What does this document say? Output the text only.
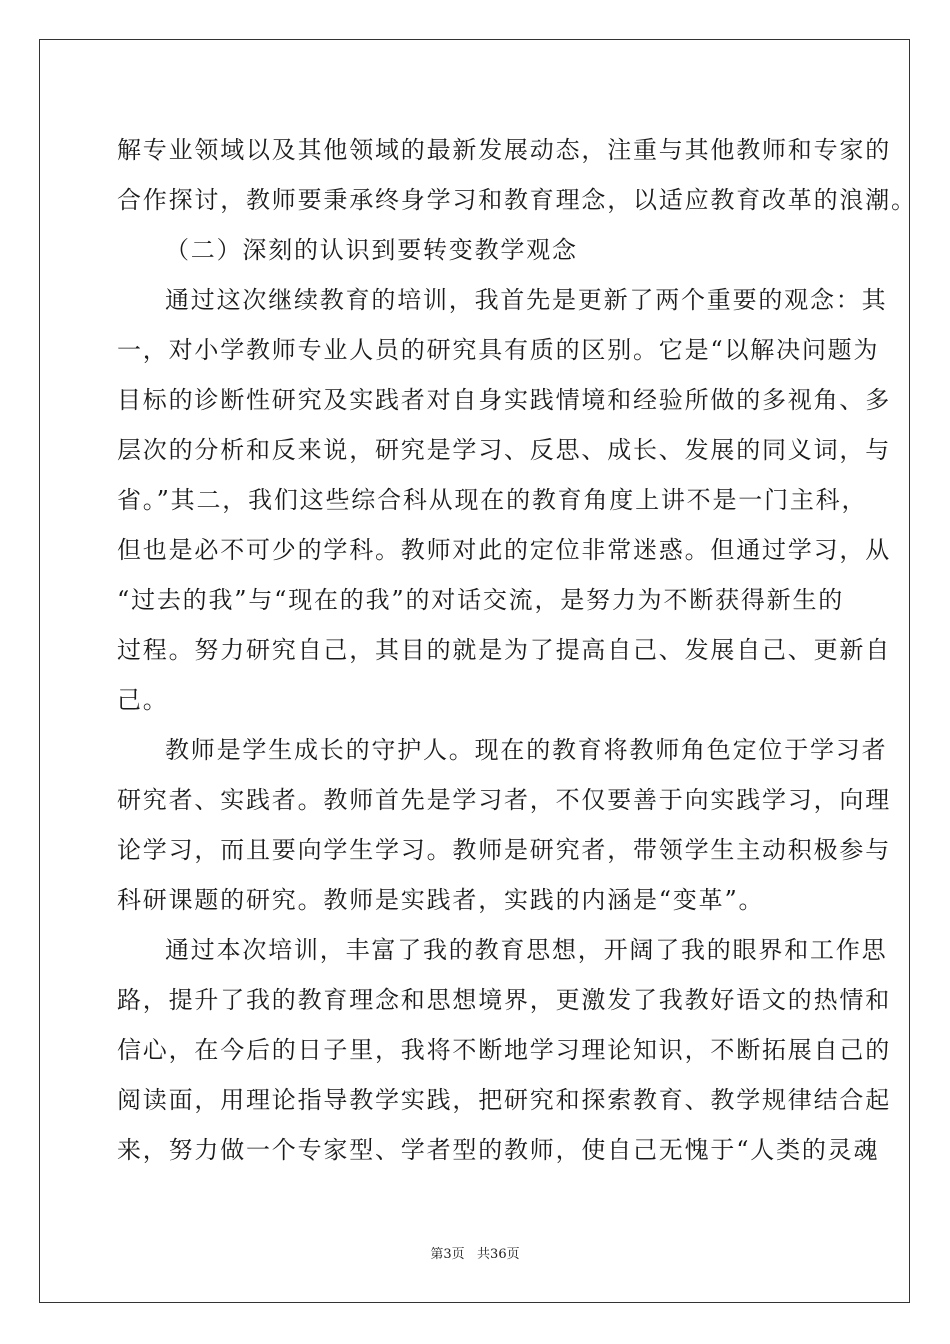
解专业领域以及其他领域的最新发展动态，注重与其他教师和专家的
合作探讨，教师要秉承终身学习和教育理念，以适应教育改革的浪潮。
（二）深刻的认识到要转变教学观念
通过这次继续教育的培训，我首先是更新了两个重要的观念：其
一，对小学教师专业人员的研究具有质的区别。它是“以解决问题为
目标的诊断性研究及实践者对自身实践情境和经验所做的多视角、多
层次的分析和反来说，研究是学习、反思、成长、发展的同义词，与
省。”其二，我们这些综合科从现在的教育角度上讲不是一门主科，
但也是必不可少的学科。教师对此的定位非常迷惑。但通过学习，从
“过去的我”与“现在的我”的对话交流，是努力为不断获得新生的
过程。努力研究自己，其目的就是为了提高自己、发展自己、更新自
己。
教师是学生成长的守护人。现在的教育将教师角色定位于学习者
研究者、实践者。教师首先是学习者，不仅要善于向实践学习，向理
论学习，而且要向学生学习。教师是研究者，带领学生主动积极参与
科研课题的研究。教师是实践者，实践的内涵是“变革”。
通过本次培训，丰富了我的教育思想，开阔了我的眼界和工作思
路，提升了我的教育理念和思想境界，更激发了我教好语文的热情和
信心，在今后的日子里，我将不断地学习理论知识，不断拓展自己的
阅读面，用理论指导教学实践，把研究和探索教育、教学规律结合起
来，努力做一个专家型、学者型的教师，使自己无愧于“人类的灵魂
第3页   共36页
